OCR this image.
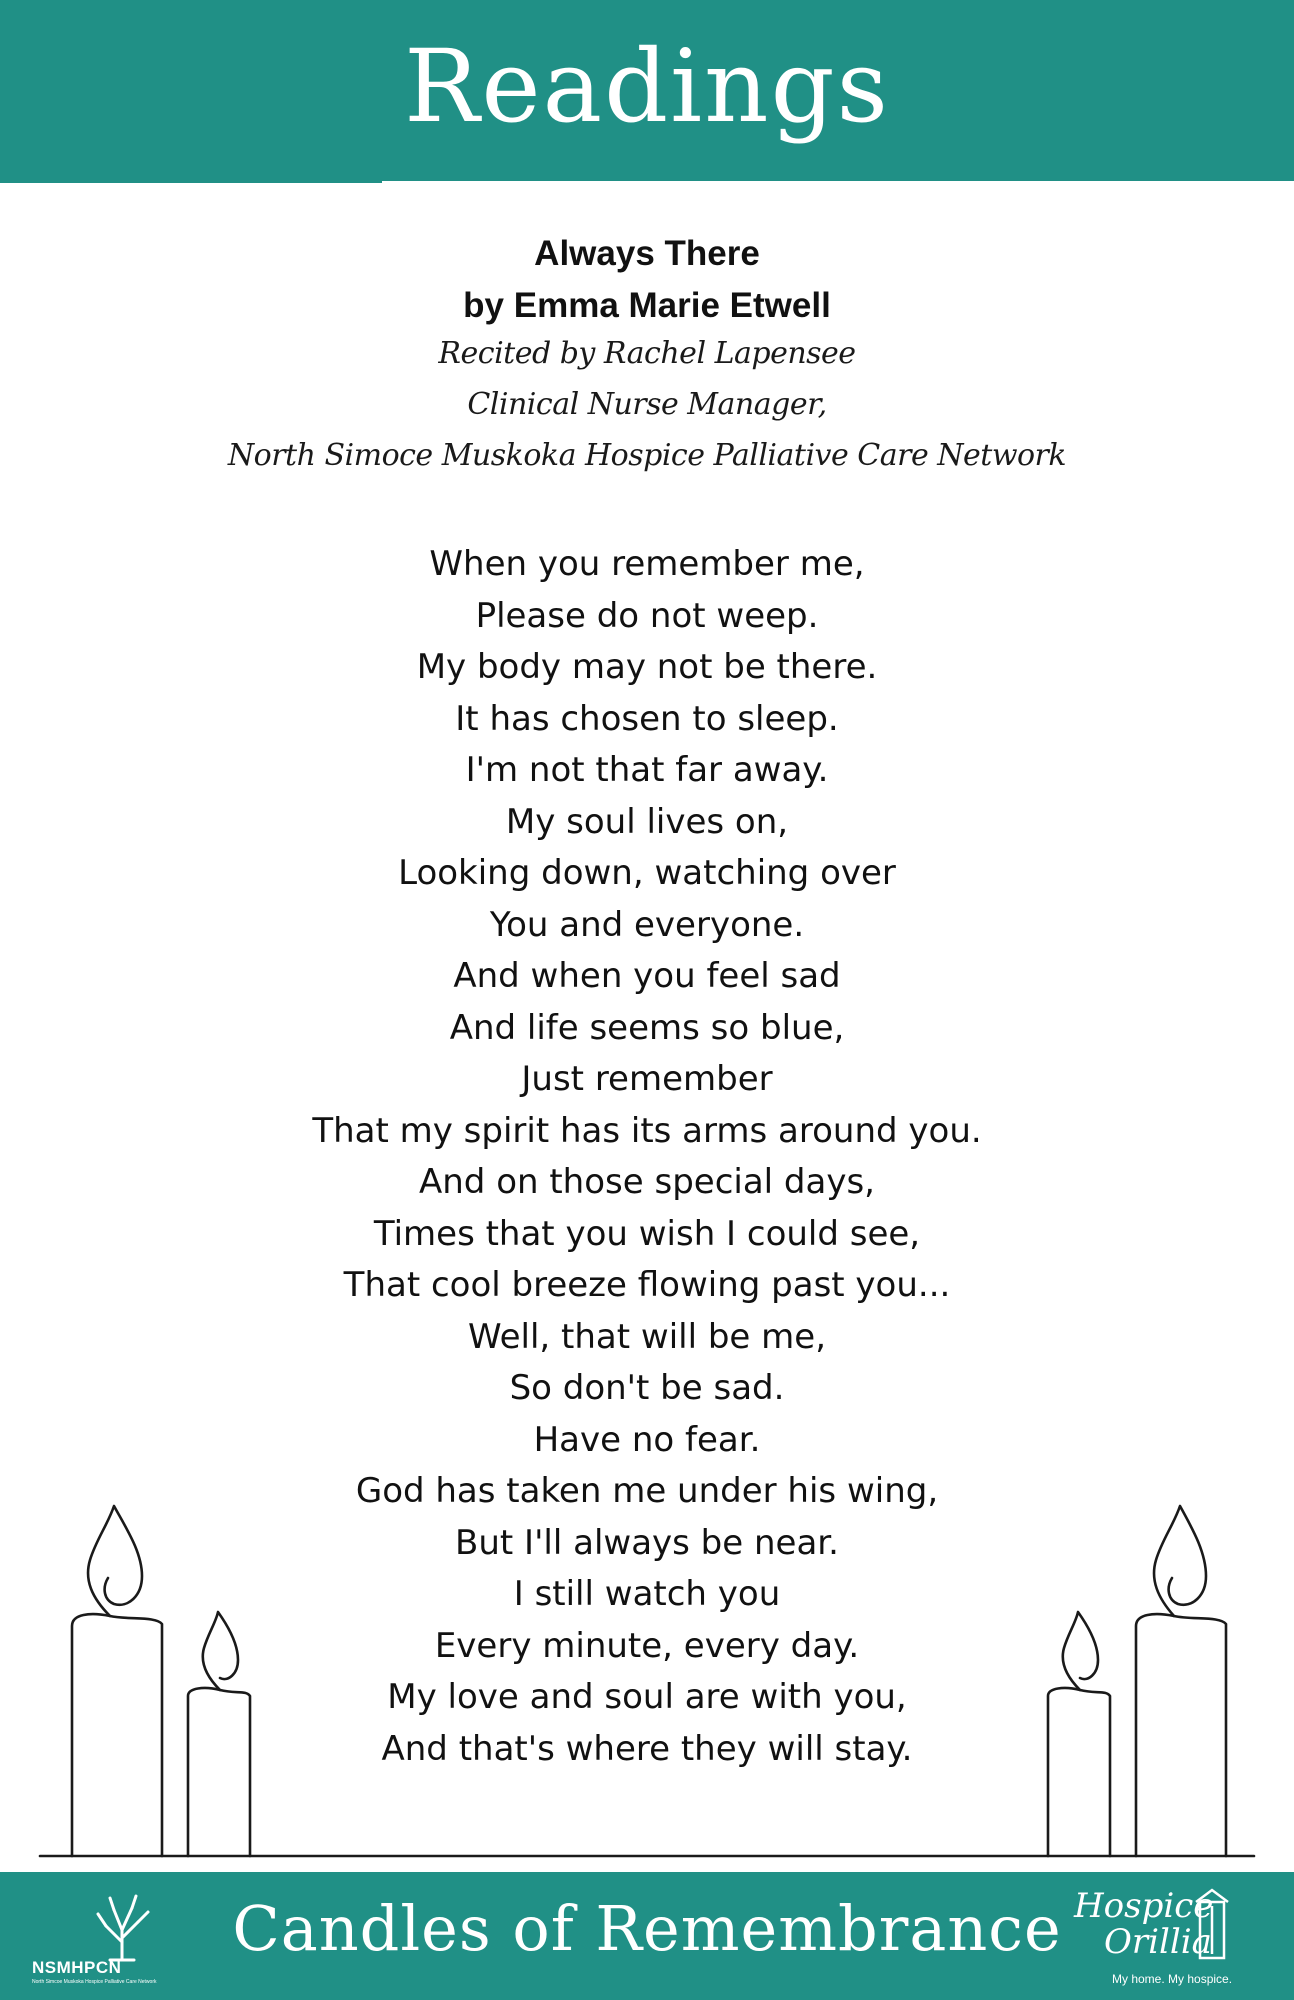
Readings
Always There
by Emma Marie Etwell
Recited by Rachel Lapensee
Clinical Nurse Manager,
North Simoce Muskoka Hospice Palliative Care Network
When you remember me,
Please do not weep.
My body may not be there.
It has chosen to sleep.
I'm not that far away.
My soul lives on,
Looking down, watching over
You and everyone.
And when you feel sad
And life seems so blue,
Just remember
That my spirit has its arms around you.
And on those special days,
Times that you wish I could see,
That cool breeze flowing past you...
Well, that will be me,
So don't be sad.
Have no fear.
God has taken me under his wing,
But I'll always be near.
I still watch you
Every minute, every day.
My love and soul are with you,
And that's where they will stay.
NSMHPCN
North Simcoe Muskoka Hospice Palliative Care Network
Candles of Remembrance Hospice
Orillia
My home. My hospice.
